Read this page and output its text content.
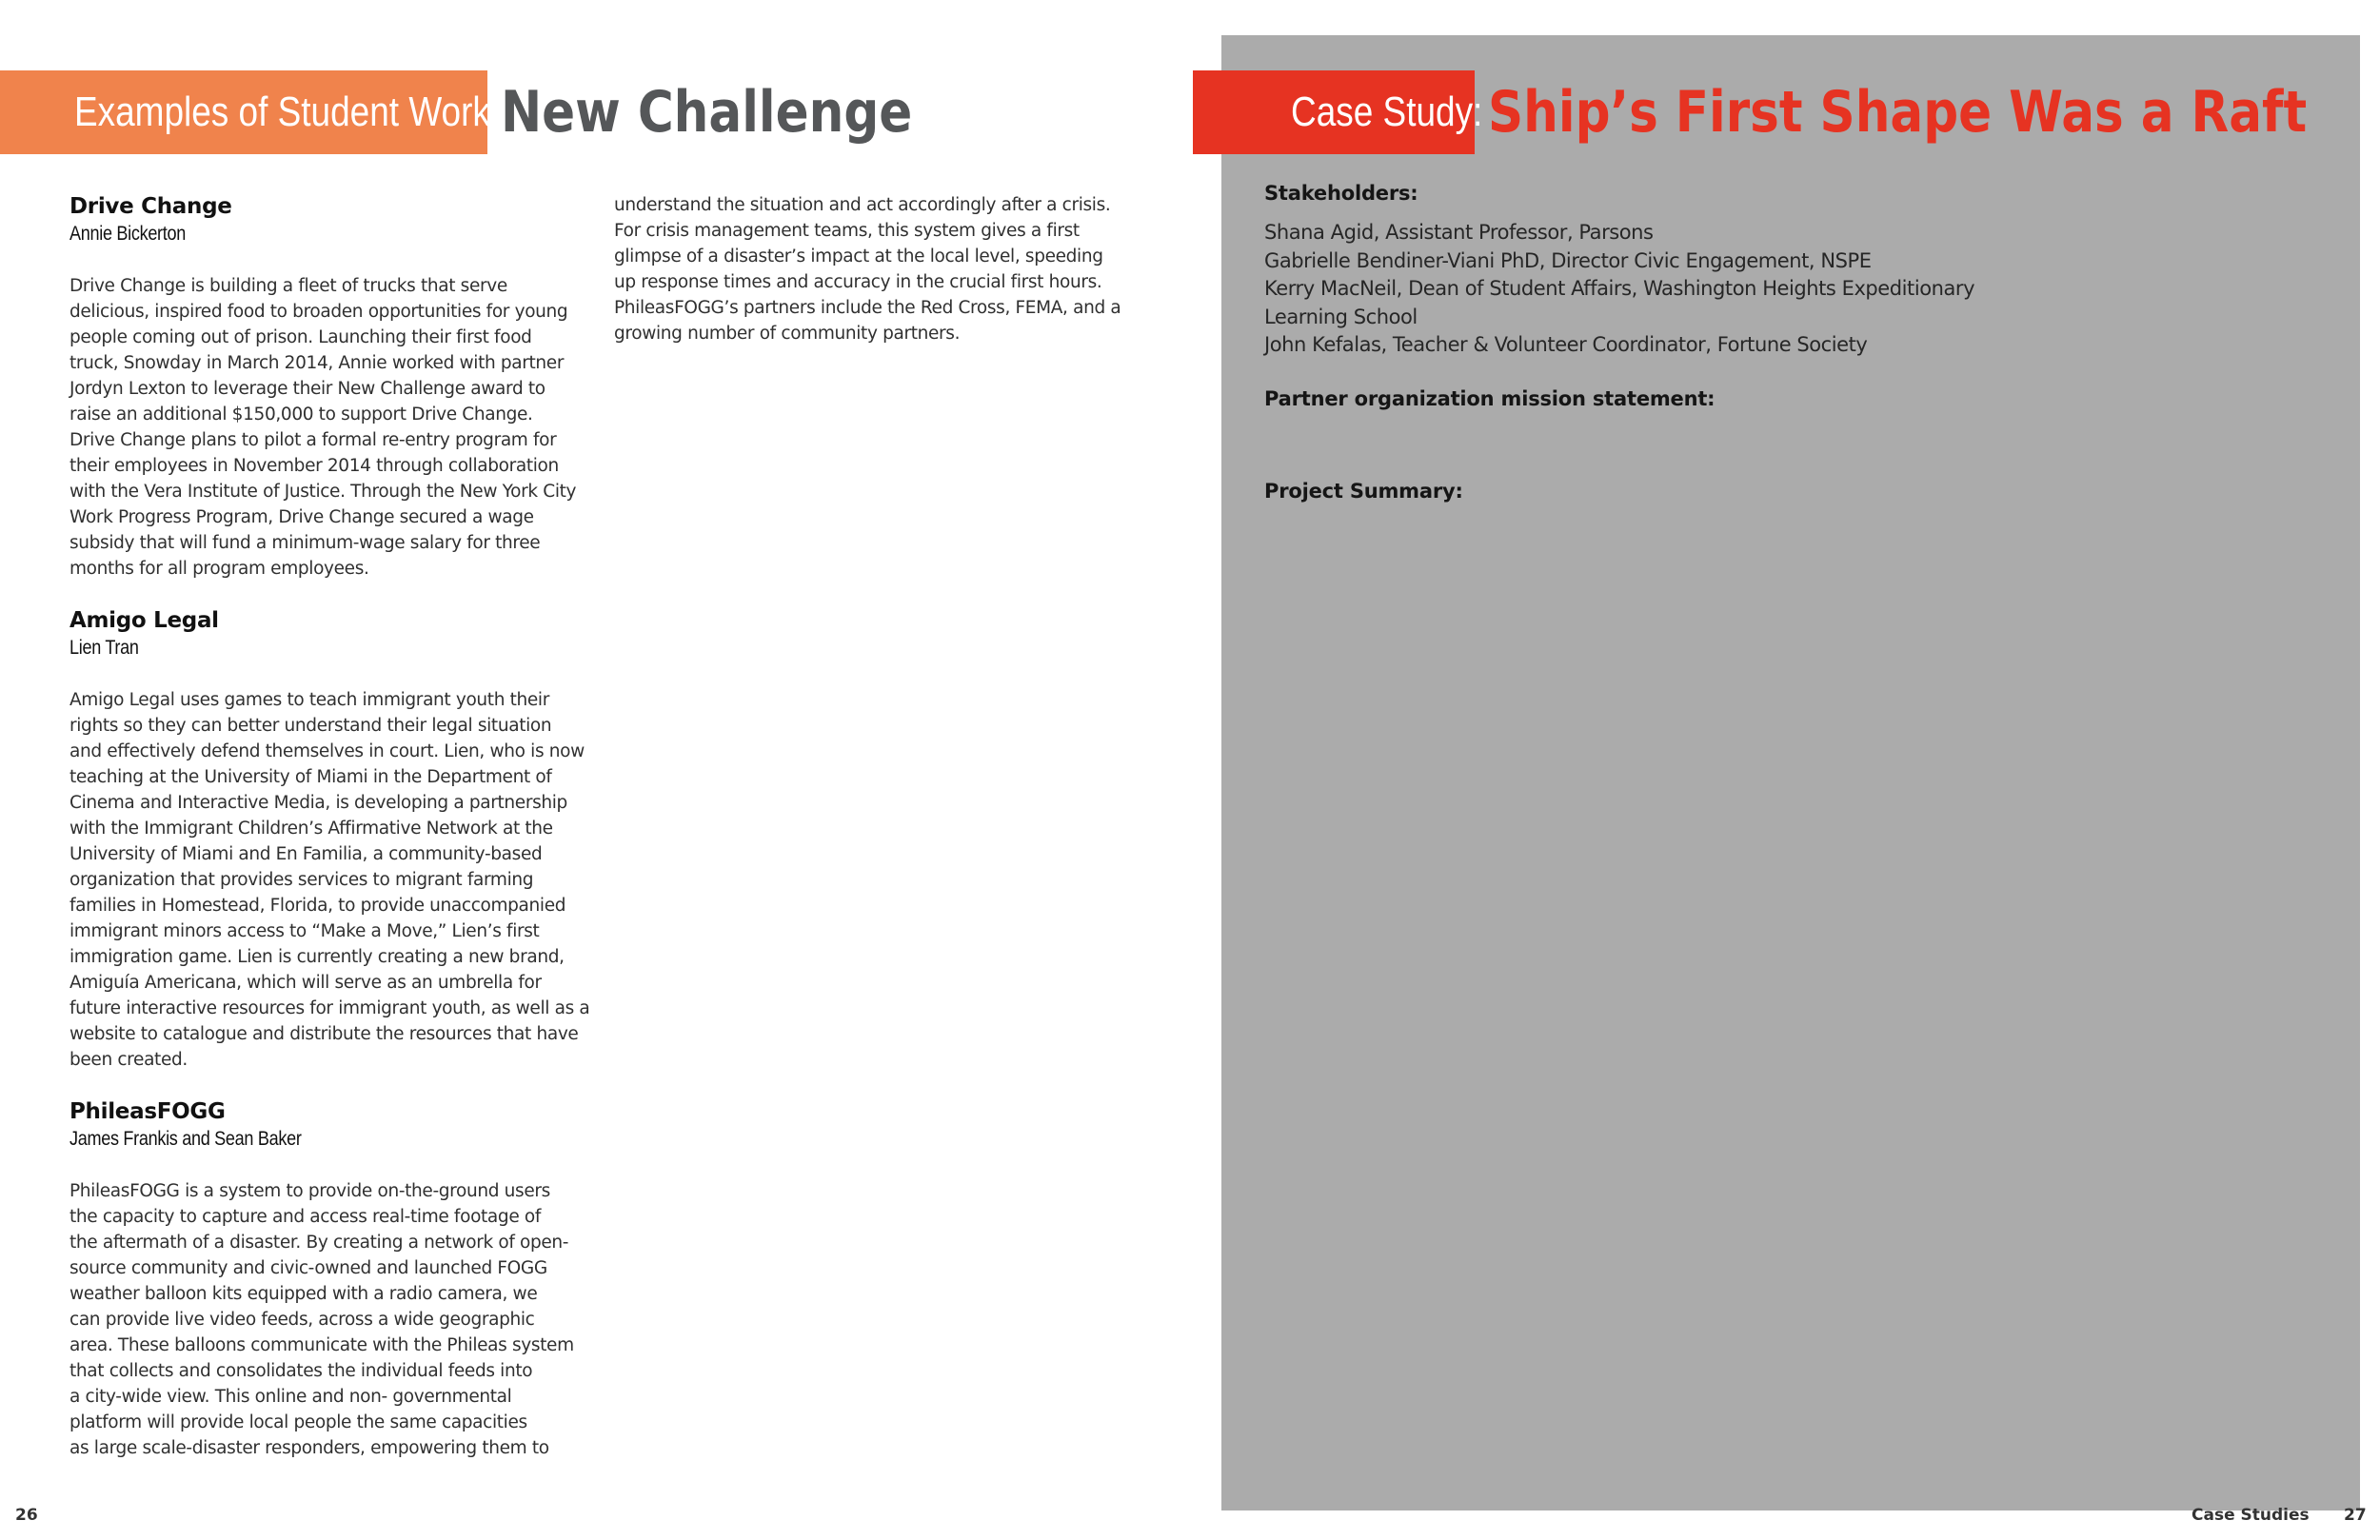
Examples of Student Work: New Challenge
Drive Change
Annie Bickerton
Drive Change is building a fleet of trucks that serve
delicious, inspired food to broaden opportunities for young
people coming out of prison. Launching their first food
truck, Snowday in March 2014, Annie worked with partner
Jordyn Lexton to leverage their New Challenge award to
raise an additional $150,000 to support Drive Change.
Drive Change plans to pilot a formal re-entry program for
their employees in November 2014 through collaboration
with the Vera Institute of Justice. Through the New York City
Work Progress Program, Drive Change secured a wage
subsidy that will fund a minimum-wage salary for three
months for all program employees.
Amigo Legal
Lien Tran
Amigo Legal uses games to teach immigrant youth their
rights so they can better understand their legal situation
and effectively defend themselves in court. Lien, who is now
teaching at the University of Miami in the Department of
Cinema and Interactive Media, is developing a partnership
with the Immigrant Children’s Affirmative Network at the
University of Miami and En Familia, a community-based
organization that provides services to migrant farming
families in Homestead, Florida, to provide unaccompanied
immigrant minors access to “Make a Move,” Lien’s first
immigration game. Lien is currently creating a new brand,
Amiguía Americana, which will serve as an umbrella for
future interactive resources for immigrant youth, as well as a
website to catalogue and distribute the resources that have
been created.
PhileasFOGG
James Frankis and Sean Baker
PhileasFOGG is a system to provide on-the-ground users
the capacity to capture and access real-time footage of
the aftermath of a disaster. By creating a network of open-
source community and civic-owned and launched FOGG
weather balloon kits equipped with a radio camera, we
can provide live video feeds, across a wide geographic
area. These balloons communicate with the Phileas system
that collects and consolidates the individual feeds into
a city-wide view. This online and non- governmental
platform will provide local people the same capacities
as large scale-disaster responders, empowering them to
understand the situation and act accordingly after a crisis.
For crisis management teams, this system gives a first
glimpse of a disaster’s impact at the local level, speeding
up response times and accuracy in the crucial first hours.
PhileasFOGG’s partners include the Red Cross, FEMA, and a
growing number of community partners.
Case Study: Ship’s First Shape Was a Raft
Stakeholders:
Shana Agid, Assistant Professor, Parsons
Gabrielle Bendiner-Viani PhD, Director Civic Engagement, NSPE
Kerry MacNeil, Dean of Student Affairs, Washington Heights Expeditionary
Learning School
John Kefalas, Teacher & Volunteer Coordinator, Fortune Society
Partner organization mission statement:
Project Summary:
26	Case Studies 27
